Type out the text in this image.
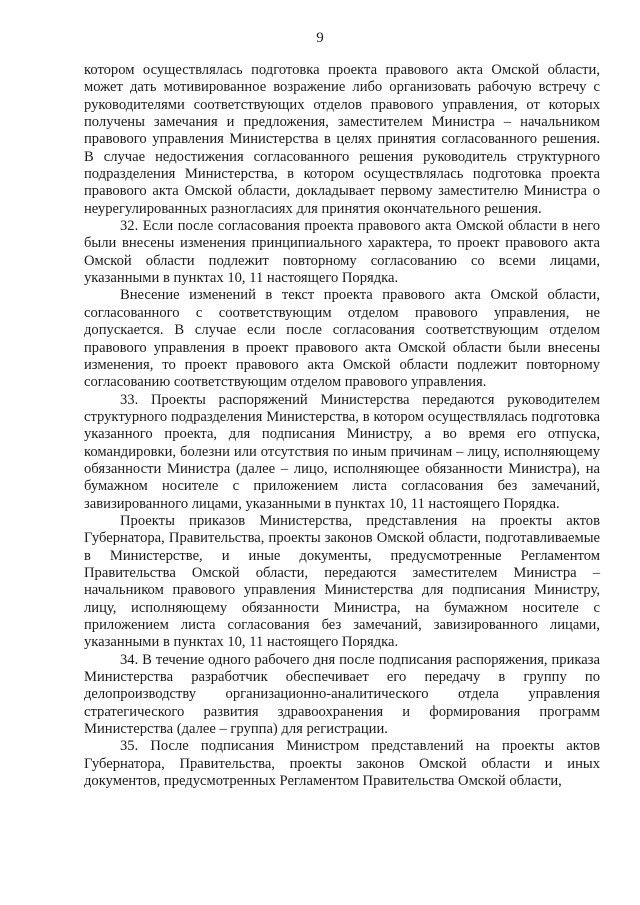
9

котором осуществлялась подготовка проекта правового акта Омской области, может дать мотивированное возражение либо организовать рабочую встречу с руководителями соответствующих отделов правового управления, от которых получены замечания и предложения, заместителем Министра – начальником правового управления Министерства в целях принятия согласованного решения. В случае недостижения согласованного решения руководитель структурного подразделения Министерства, в котором осуществлялась подготовка проекта правового акта Омской области, докладывает первому заместителю Министра о неурегулированных разногласиях для принятия окончательного решения.

32. Если после согласования проекта правового акта Омской области в него были внесены изменения принципиального характера, то проект правового акта Омской области подлежит повторному согласованию со всеми лицами, указанными в пунктах 10, 11 настоящего Порядка.

Внесение изменений в текст проекта правового акта Омской области, согласованного с соответствующим отделом правового управления, не допускается. В случае если после согласования соответствующим отделом правового управления в проект правового акта Омской области были внесены изменения, то проект правового акта Омской области подлежит повторному согласованию соответствующим отделом правового управления.

33. Проекты распоряжений Министерства передаются руководителем структурного подразделения Министерства, в котором осуществлялась подготовка указанного проекта, для подписания Министру, а во время его отпуска, командировки, болезни или отсутствия по иным причинам – лицу, исполняющему обязанности Министра (далее – лицо, исполняющее обязанности Министра), на бумажном носителе с приложением листа согласования без замечаний, завизированного лицами, указанными в пунктах 10, 11 настоящего Порядка.

Проекты приказов Министерства, представления на проекты актов Губернатора, Правительства, проекты законов Омской области, подготавливаемые в Министерстве, и иные документы, предусмотренные Регламентом Правительства Омской области, передаются заместителем Министра – начальником правового управления Министерства для подписания Министру, лицу, исполняющему обязанности Министра, на бумажном носителе с приложением листа согласования без замечаний, завизированного лицами, указанными в пунктах 10, 11 настоящего Порядка.

34. В течение одного рабочего дня после подписания распоряжения, приказа Министерства разработчик обеспечивает его передачу в группу по делопроизводству организационно-аналитического отдела управления стратегического развития здравоохранения и формирования программ Министерства (далее – группа) для регистрации.

35. После подписания Министром представлений на проекты актов Губернатора, Правительства, проекты законов Омской области и иных документов, предусмотренных Регламентом Правительства Омской области,
